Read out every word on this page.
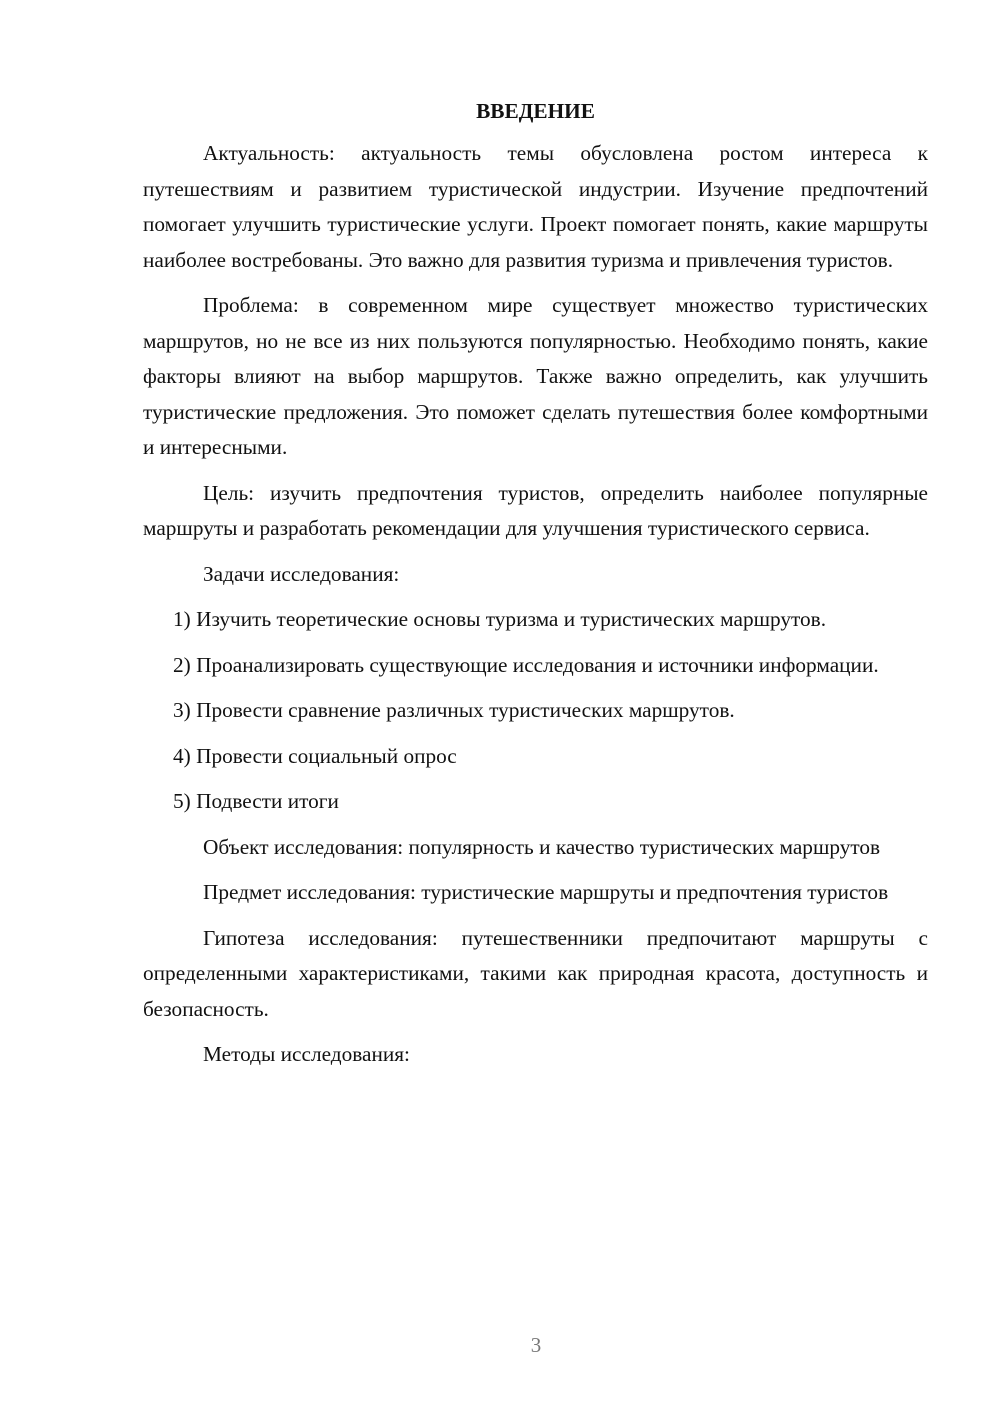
ВВЕДЕНИЕ

Актуальность: актуальность темы обусловлена ростом интереса к путешествиям и развитием туристической индустрии. Изучение предпочтений помогает улучшить туристические услуги. Проект помогает понять, какие маршруты наиболее востребованы. Это важно для развития туризма и привлечения туристов.

Проблема: в современном мире существует множество туристических маршрутов, но не все из них пользуются популярностью. Необходимо понять, какие факторы влияют на выбор маршрутов. Также важно определить, как улучшить туристические предложения. Это поможет сделать путешествия более комфортными и интересными.

Цель: изучить предпочтения туристов, определить наиболее популярные маршруты и разработать рекомендации для улучшения туристического сервиса.

Задачи исследования:

1) Изучить теоретические основы туризма и туристических маршрутов.

2) Проанализировать существующие исследования и источники информации.

3) Провести сравнение различных туристических маршрутов.

4) Провести социальный опрос

5) Подвести итоги

Объект исследования: популярность и качество туристических маршрутов

Предмет исследования: туристические маршруты и предпочтения туристов

Гипотеза исследования: путешественники предпочитают маршруты с определенными характеристиками, такими как природная красота, доступность и безопасность.

Методы исследования:

3
